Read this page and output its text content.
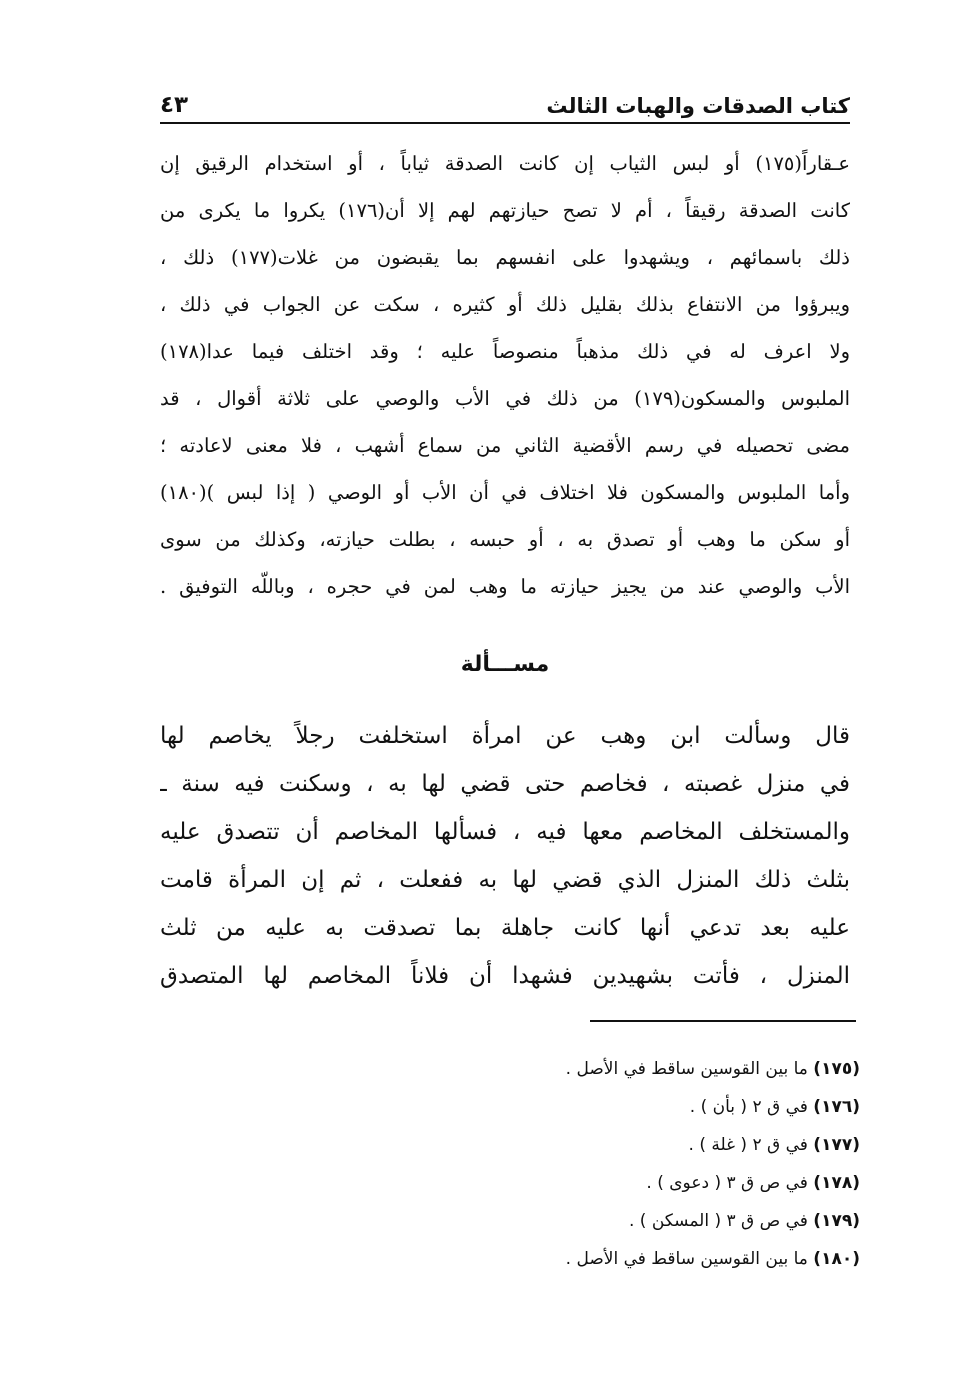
كتاب الصدقات والهبات الثالث
٤٣
عـقاراً(١٧٥) أو لبس الثياب إن كانت الصدقة ثياباً ، أو استخدام الرقيق إن
كانت الصدقة رقيقاً ، أم لا تصح حيازتهم لهم إلا أن(١٧٦) يكروا ما يكرى من
ذلك باسمائهم ، ويشهدوا على انفسهم بما يقبضون من غلات(١٧٧) ذلك ،
ويبرؤوا من الانتفاع بذلك بقليل ذلك أو كثيره ، سكت عن الجواب في ذلك ،
ولا اعرف له في ذلك مذهباً منصوصاً عليه ؛ وقد اختلف فيما عدا(١٧٨)
الملبوس والمسكون(١٧٩) من ذلك في الأب والوصي على ثلاثة أقوال ، قد
مضى تحصيله في رسم الأقضية الثاني من سماع أشهب ، فلا معنى لاعادته ؛
وأما الملبوس والمسكون فلا اختلاف في أن الأب أو الوصي ( إذا لبس )(١٨٠)
أو سكن ما وهب أو تصدق به ، أو حبسه ، بطلت حيازته، وكذلك من سوى
الأب والوصي عند من يجيز حيازته ما وهب لمن في حجره ، وباللّه التوفيق .
مســـألة
قال وسألت ابن وهب عن امرأة استخلفت رجلاً يخاصم لها
في منزل غصبته ، فخاصم حتى قضي لها به ، وسكنت فيه سنة ـ
والمستخلف المخاصم معها فيه ، فسألها المخاصم أن تتصدق عليه
بثلث ذلك المنزل الذي قضي لها به ففعلت ، ثم إن المرأة قامت
عليه بعد تدعي أنها كانت جاهلة بما تصدقت به عليه من ثلث
المنزل ، فأتت بشهيدين فشهدا أن فلاناً المخاصم لها المتصدق
(١٧٥) ما بين القوسين ساقط في الأصل .
(١٧٦) في ق ٢ ( بأن ) .
(١٧٧) في ق ٢ ( غلة ) .
(١٧٨) في ص ق ٣ ( دعوى ) .
(١٧٩) في ص ق ٣ ( المسكن ) .
(١٨٠) ما بين القوسين ساقط في الأصل .
